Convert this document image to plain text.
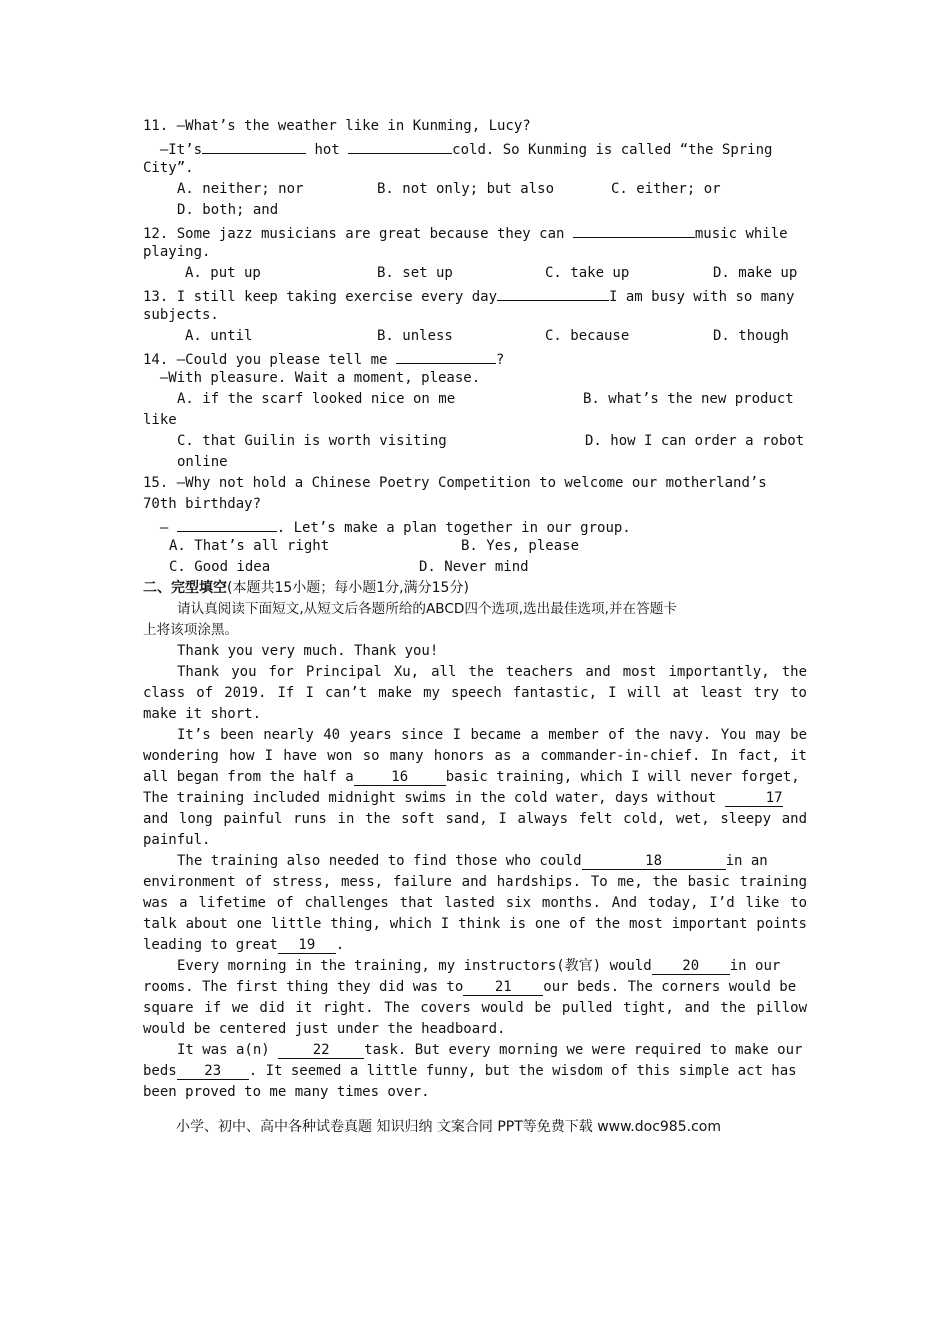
11. —What’s the weather like in Kunming, Lucy?
—It’s	hot	cold. So Kunming is called “the Spring
City”.
A. neither; nor	B. not only; but also	C. either; or
D. both; and
12. Some jazz musicians are great because they can	music while
playing.
A. put up	B. set up	C. take up	D. make up
13. I still keep taking exercise every day	I am busy with so many
subjects.
A. until	B. unless	C. because	D. though
14. —Could you please tell me	?
—With pleasure. Wait a moment, please.
A. if the scarf looked nice on me	B. what’s the new product
like
C. that Guilin is worth visiting	D. how I can order a robot
online
15. —Why not hold a Chinese Poetry Competition to welcome our motherland’s
70th birthday?
—	. Let’s make a plan together in our group.
A. That’s all right	B. Yes, please
C. Good idea	D. Never mind
二、完型填空(本题共15小题；每小题1分,满分15分)
请认真阅读下面短文,从短文后各题所给的ABCD四个选项,选出最佳选项,并在答题卡
上将该项涂黑。
Thank you very much. Thank you!
Thank you for Principal Xu, all the teachers and most importantly, the
class of 2019. If I can’t make my speech fantastic, I will at least try to
make it short.
It’s been nearly 40 years since I became a member of the navy. You may be
wondering how I have won so many honors as a commander-in-chief. In fact, it
all began from the half a	16	basic training, which I will never forget,
The training included midnight swims in the cold water, days without	17
and long painful runs in the soft sand, I always felt cold, wet, sleepy and
painful.
The training also needed to find those who could	18	in an
environment of stress, mess, failure and hardships. To me, the basic training
was a lifetime of challenges that lasted six months. And today, I’d like to
talk about one little thing, which I think is one of the most important points
leading to great 19 .
Every morning in the training, my instructors(教官) would 20 in our
rooms. The first thing they did was to 21 our beds. The corners would be
square if we did it right. The covers would be pulled tight, and the pillow
would be centered just under the headboard.
It was a(n) 22 task. But every morning we were required to make our
beds 23 . It seemed a little funny, but the wisdom of this simple act has
been proved to me many times over.
小学、初中、高中各种试卷真题 知识归纳 文案合同 PPT等免费下载 www.doc985.com
